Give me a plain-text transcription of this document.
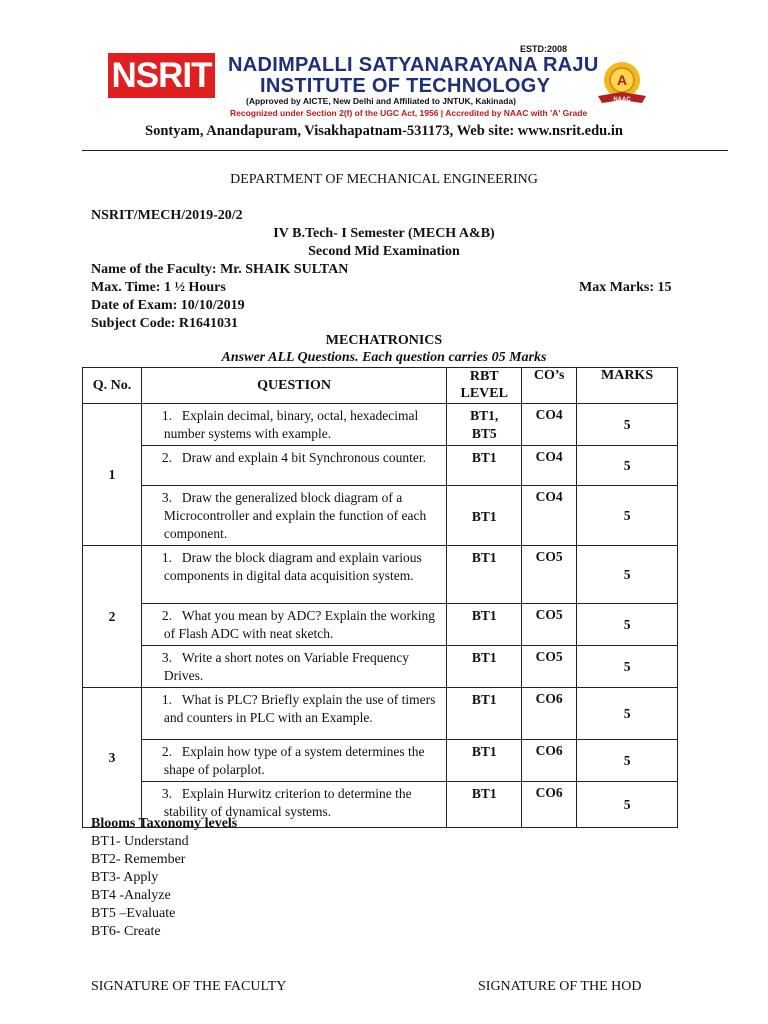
NSRIT
ESTD:2008
NADIMPALLI SATYANARAYANA RAJU
INSTITUTE OF TECHNOLOGY
(Approved by AICTE, New Delhi and Affiliated to JNTUK, Kakinada)
Recognized under Section 2(f) of the UGC Act, 1956 | Accredited by NAAC with 'A' Grade
A
NAAC
Sontyam, Anandapuram, Visakhapatnam-531173, Web site: www.nsrit.edu.in
DEPARTMENT OF MECHANICAL ENGINEERING
NSRIT/MECH/2019-20/2
IV B.Tech- I Semester (MECH A&B)
Second Mid Examination
Name of the Faculty: Mr. SHAIK SULTAN
Max. Time: 1 ½ Hours	Max Marks: 15
Date of Exam: 10/10/2019
Subject Code: R1641031
MECHATRONICS
Answer ALL Questions. Each question carries 05 Marks
Q. No.	QUESTION	RBT LEVEL	CO’s	MARKS
1	1. Explain decimal, binary, octal, hexadecimal number systems with example.	BT1, BT5	CO4	5
	2. Draw and explain 4 bit Synchronous counter.	BT1	CO4	5
	3. Draw the generalized block diagram of a Microcontroller and explain the function of each component.	BT1	CO4	5
2	1. Draw the block diagram and explain various components in digital data acquisition system.	BT1	CO5	5
	2. What you mean by ADC? Explain the working of Flash ADC with neat sketch.	BT1	CO5	5
	3. Write a short notes on Variable Frequency Drives.	BT1	CO5	5
3	1. What is PLC? Briefly explain the use of timers and counters in PLC with an Example.	BT1	CO6	5
	2. Explain how type of a system determines the shape of polarplot.	BT1	CO6	5
	3. Explain Hurwitz criterion to determine the stability of dynamical systems.	BT1	CO6	5
Blooms Taxonomy levels
BT1- Understand
BT2- Remember
BT3- Apply
BT4 -Analyze
BT5 –Evaluate
BT6- Create
SIGNATURE OF THE FACULTY	SIGNATURE OF THE HOD
